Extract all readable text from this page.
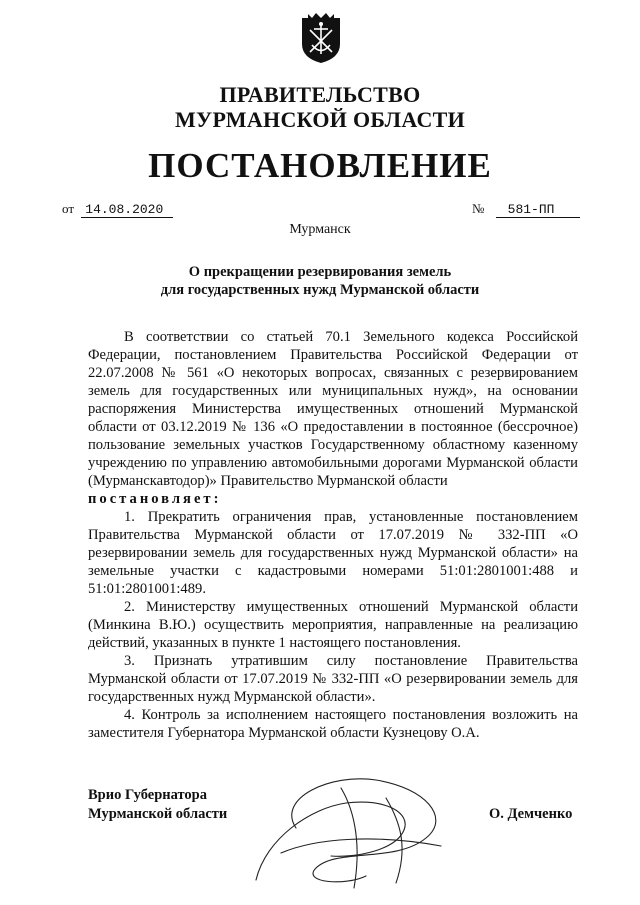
ПРАВИТЕЛЬСТВО
МУРМАНСКОЙ ОБЛАСТИ
ПОСТАНОВЛЕНИЕ
от 14.08.2020	№ 581-ПП
Мурманск
О прекращении резервирования земель
для государственных нужд Мурманской области

В соответствии со статьей 70.1 Земельного кодекса Российской Федерации, постановлением Правительства Российской Федерации от 22.07.2008 № 561 «О некоторых вопросах, связанных с резервированием земель для государственных или муниципальных нужд», на основании распоряжения Министерства имущественных отношений Мурманской области от 03.12.2019 № 136 «О предоставлении в постоянное (бессрочное) пользование земельных участков Государственному областному казенному учреждению по управлению автомобильными дорогами Мурманской области (Мурманскавтодор)» Правительство Мурманской области

постановляет:

1. Прекратить ограничения прав, установленные постановлением Правительства Мурманской области от 17.07.2019 № 332-ПП «О резервировании земель для государственных нужд Мурманской области» на земельные участки с кадастровыми номерами 51:01:2801001:488 и 51:01:2801001:489.

2. Министерству имущественных отношений Мурманской области (Минкина В.Ю.) осуществить мероприятия, направленные на реализацию действий, указанных в пункте 1 настоящего постановления.

3. Признать утратившим силу постановление Правительства Мурманской области от 17.07.2019 № 332-ПП «О резервировании земель для государственных нужд Мурманской области».

4. Контроль за исполнением настоящего постановления возложить на заместителя Губернатора Мурманской области Кузнецову О.А.

Врио Губернатора
Мурманской области	О. Демченко
